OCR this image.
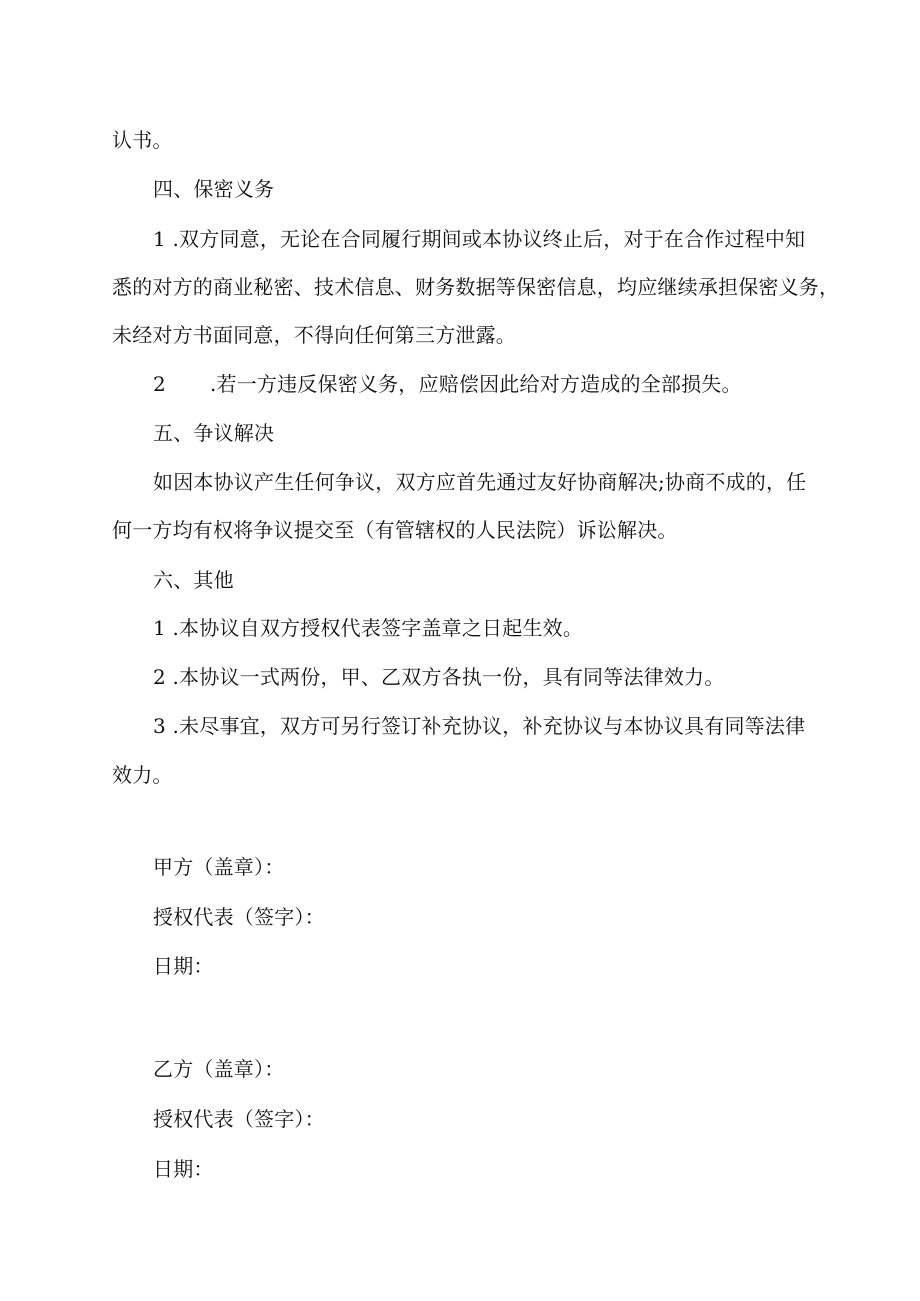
认书。
四、保密义务
1 .双方同意，无论在合同履行期间或本协议终止后，对于在合作过程中知
悉的对方的商业秘密、技术信息、财务数据等保密信息，均应继续承担保密义务，
未经对方书面同意，不得向任何第三方泄露。
2 .若一方违反保密义务，应赔偿因此给对方造成的全部损失。
五、争议解决
如因本协议产生任何争议，双方应首先通过友好协商解决;协商不成的，任
何一方均有权将争议提交至（有管辖权的人民法院）诉讼解决。
六、其他
1 .本协议自双方授权代表签字盖章之日起生效。
2 .本协议一式两份，甲、乙双方各执一份，具有同等法律效力。
3 .未尽事宜，双方可另行签订补充协议，补充协议与本协议具有同等法律
效力。
甲方（盖章）：
授权代表（签字）：
日期：
乙方（盖章）：
授权代表（签字）：
日期：
